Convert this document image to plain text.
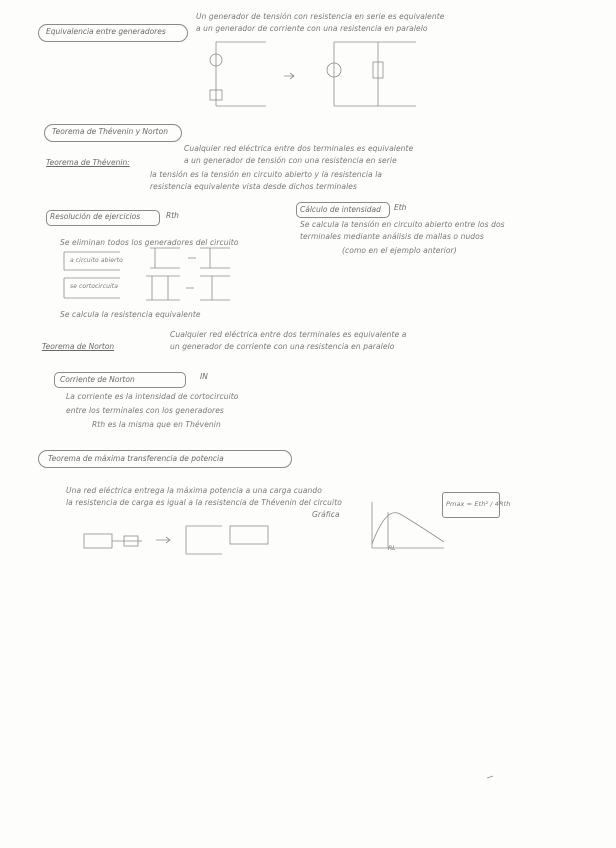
Equivalencia entre generadores
Un generador de tensión con resistencia en serie es equivalente
a un generador de corriente con una resistencia en paralelo
Teorema de Thévenin y Norton
Teorema de Thévenin:
Cualquier red eléctrica entre dos terminales es equivalente
a un generador de tensión con una resistencia en serie
la tensión es la tensión en circuito abierto y la resistencia la
resistencia equivalente vista desde dichos terminales
Resolución de ejercicios	Rth
Se eliminan todos los generadores del circuito
a circuito abierto
se cortocircuita
Se calcula la resistencia equivalente
Cálculo de intensidad Eth
Se calcula la tensión en circuito abierto entre los dos
terminales mediante análisis de mallas o nudos
(como en el ejemplo anterior)
Teorema de Norton
Cualquier red eléctrica entre dos terminales es equivalente a
un generador de corriente con una resistencia en paralelo
Corriente de Norton	IN
La corriente es la intensidad de cortocircuito
entre los terminales con los generadores
Rth es la misma que en Thévenin
Teorema de máxima transferencia de potencia
Una red eléctrica entrega la máxima potencia a una carga cuando
la resistencia de carga es igual a la resistencia de Thévenin del circuito
Gráfica
RL
Pmax = Eth² / 4Rth
